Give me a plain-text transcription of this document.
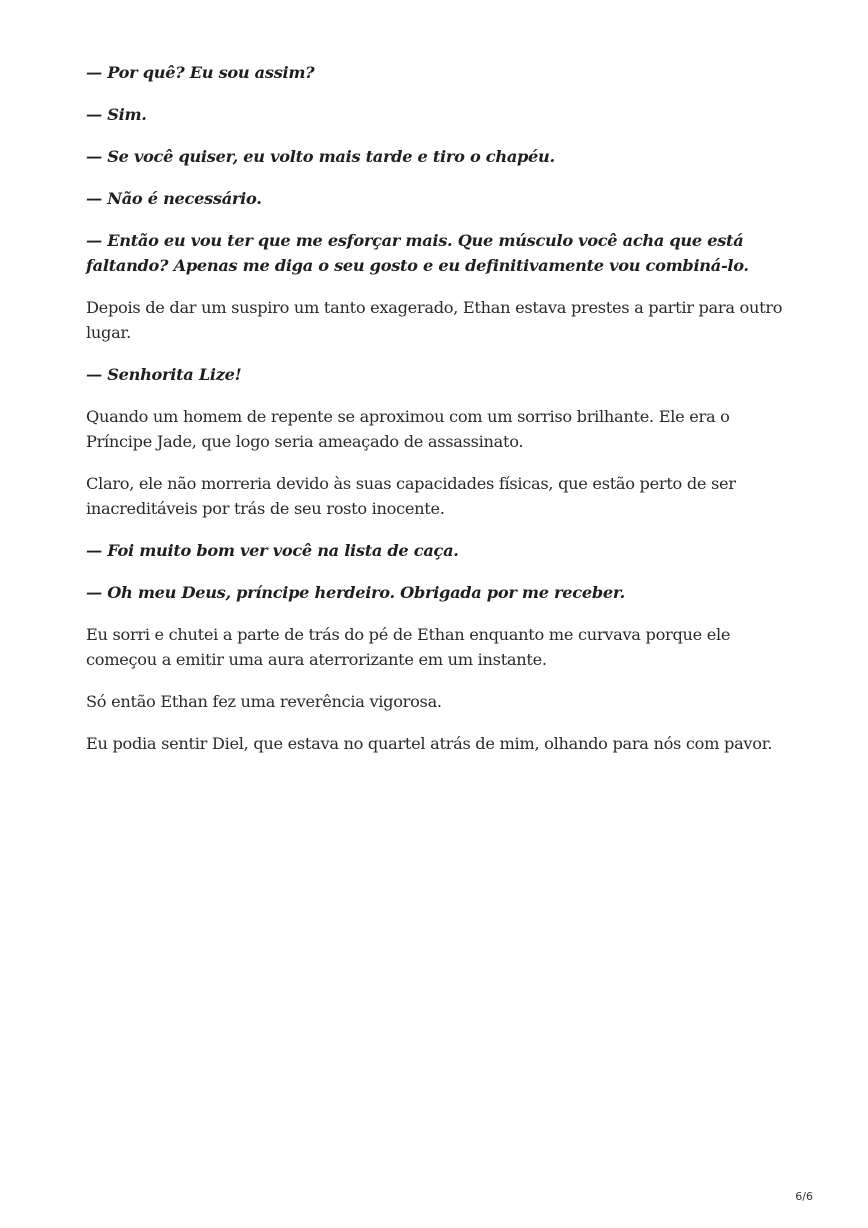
— Por quê? Eu sou assim?

— Sim.

— Se você quiser, eu volto mais tarde e tiro o chapéu.

— Não é necessário.

— Então eu vou ter que me esforçar mais. Que músculo você acha que está faltando? Apenas me diga o seu gosto e eu definitivamente vou combiná-lo.

Depois de dar um suspiro um tanto exagerado, Ethan estava prestes a partir para outro lugar.

— Senhorita Lize!

Quando um homem de repente se aproximou com um sorriso brilhante. Ele era o Príncipe Jade, que logo seria ameaçado de assassinato.

Claro, ele não morreria devido às suas capacidades físicas, que estão perto de ser inacreditáveis por trás de seu rosto inocente.

— Foi muito bom ver você na lista de caça.

— Oh meu Deus, príncipe herdeiro. Obrigada por me receber.

Eu sorri e chutei a parte de trás do pé de Ethan enquanto me curvava porque ele começou a emitir uma aura aterrorizante em um instante.

Só então Ethan fez uma reverência vigorosa.

Eu podia sentir Diel, que estava no quartel atrás de mim, olhando para nós com pavor.

6/6
